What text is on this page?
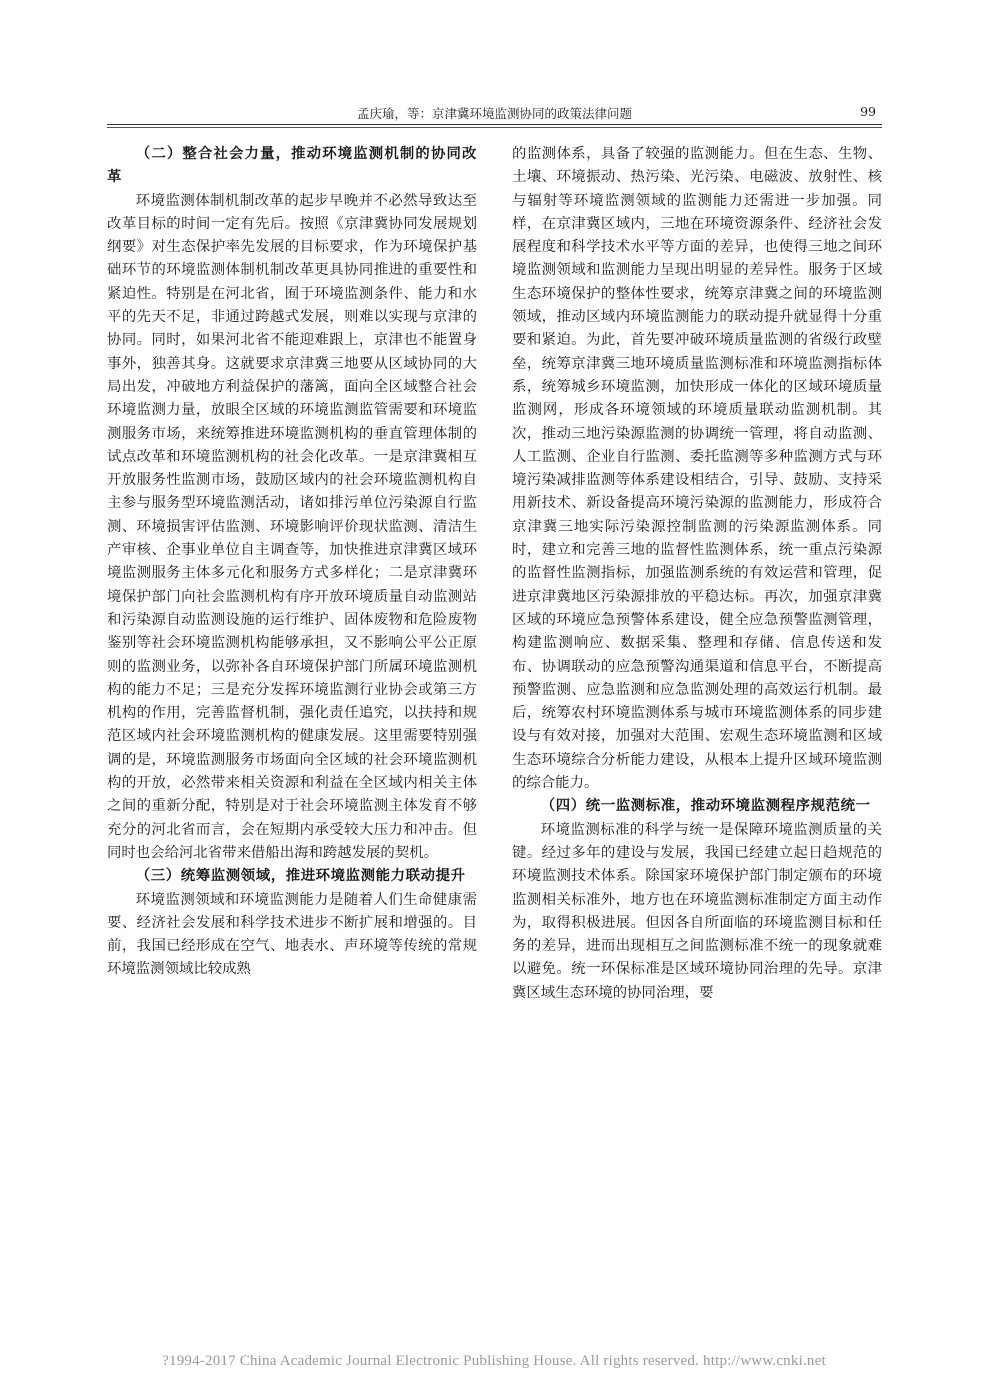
孟庆瑜，等：京津冀环境监测协同的政策法律问题	99
（二）整合社会力量，推动环境监测机制的协同改革

环境监测体制机制改革的起步早晚并不必然导致达至改革目标的时间一定有先后。按照《京津冀协同发展规划纲要》对生态保护率先发展的目标要求，作为环境保护基础环节的环境监测体制机制改革更具协同推进的重要性和紧迫性。特别是在河北省，囿于环境监测条件、能力和水平的先天不足，非通过跨越式发展，则难以实现与京津的协同。同时，如果河北省不能迎难跟上，京津也不能置身事外，独善其身。这就要求京津冀三地要从区域协同的大局出发，冲破地方利益保护的藩篱，面向全区域整合社会环境监测力量，放眼全区域的环境监测监管需要和环境监测服务市场，来统筹推进环境监测机构的垂直管理体制的试点改革和环境监测机构的社会化改革。一是京津冀相互开放服务性监测市场，鼓励区域内的社会环境监测机构自主参与服务型环境监测活动，诸如排污单位污染源自行监测、环境损害评估监测、环境影响评价现状监测、清洁生产审核、企事业单位自主调查等，加快推进京津冀区域环境监测服务主体多元化和服务方式多样化；二是京津冀环境保护部门向社会监测机构有序开放环境质量自动监测站和污染源自动监测设施的运行维护、固体废物和危险废物鉴别等社会环境监测机构能够承担，又不影响公平公正原则的监测业务，以弥补各自环境保护部门所属环境监测机构的能力不足；三是充分发挥环境监测行业协会或第三方机构的作用，完善监督机制，强化责任追究，以扶持和规范区域内社会环境监测机构的健康发展。这里需要特别强调的是，环境监测服务市场面向全区域的社会环境监测机构的开放，必然带来相关资源和利益在全区域内相关主体之间的重新分配，特别是对于社会环境监测主体发育不够充分的河北省而言，会在短期内承受较大压力和冲击。但同时也会给河北省带来借船出海和跨越发展的契机。

（三）统筹监测领域，推进环境监测能力联动提升

环境监测领域和环境监测能力是随着人们生命健康需要、经济社会发展和科学技术进步不断扩展和增强的。目前，我国已经形成在空气、地表水、声环境等传统的常规环境监测领域比较成熟

的监测体系，具备了较强的监测能力。但在生态、生物、土壤、环境振动、热污染、光污染、电磁波、放射性、核与辐射等环境监测领域的监测能力还需进一步加强。同样，在京津冀区域内，三地在环境资源条件、经济社会发展程度和科学技术水平等方面的差异，也使得三地之间环境监测领域和监测能力呈现出明显的差异性。服务于区域生态环境保护的整体性要求，统筹京津冀之间的环境监测领域，推动区域内环境监测能力的联动提升就显得十分重要和紧迫。为此，首先要冲破环境质量监测的省级行政壁垒，统筹京津冀三地环境质量监测标准和环境监测指标体系，统筹城乡环境监测，加快形成一体化的区域环境质量监测网，形成各环境领域的环境质量联动监测机制。其次，推动三地污染源监测的协调统一管理，将自动监测、人工监测、企业自行监测、委托监测等多种监测方式与环境污染减排监测等体系建设相结合，引导、鼓励、支持采用新技术、新设备提高环境污染源的监测能力，形成符合京津冀三地实际污染源控制监测的污染源监测体系。同时，建立和完善三地的监督性监测体系，统一重点污染源的监督性监测指标，加强监测系统的有效运营和管理，促进京津冀地区污染源排放的平稳达标。再次，加强京津冀区域的环境应急预警体系建设，健全应急预警监测管理，构建监测响应、数据采集、整理和存储、信息传送和发布、协调联动的应急预警沟通渠道和信息平台，不断提高预警监测、应急监测和应急监测处理的高效运行机制。最后，统筹农村环境监测体系与城市环境监测体系的同步建设与有效对接，加强对大范围、宏观生态环境监测和区域生态环境综合分析能力建设，从根本上提升区域环境监测的综合能力。

（四）统一监测标准，推动环境监测程序规范统一

环境监测标准的科学与统一是保障环境监测质量的关键。经过多年的建设与发展，我国已经建立起日趋规范的环境监测技术体系。除国家环境保护部门制定颁布的环境监测相关标准外，地方也在环境监测标准制定方面主动作为，取得积极进展。但因各自所面临的环境监测目标和任务的差异，进而出现相互之间监测标准不统一的现象就难以避免。统一环保标准是区域环境协同治理的先导。京津冀区域生态环境的协同治理，要

?1994-2017 China Academic Journal Electronic Publishing House. All rights reserved. http://www.cnki.net
